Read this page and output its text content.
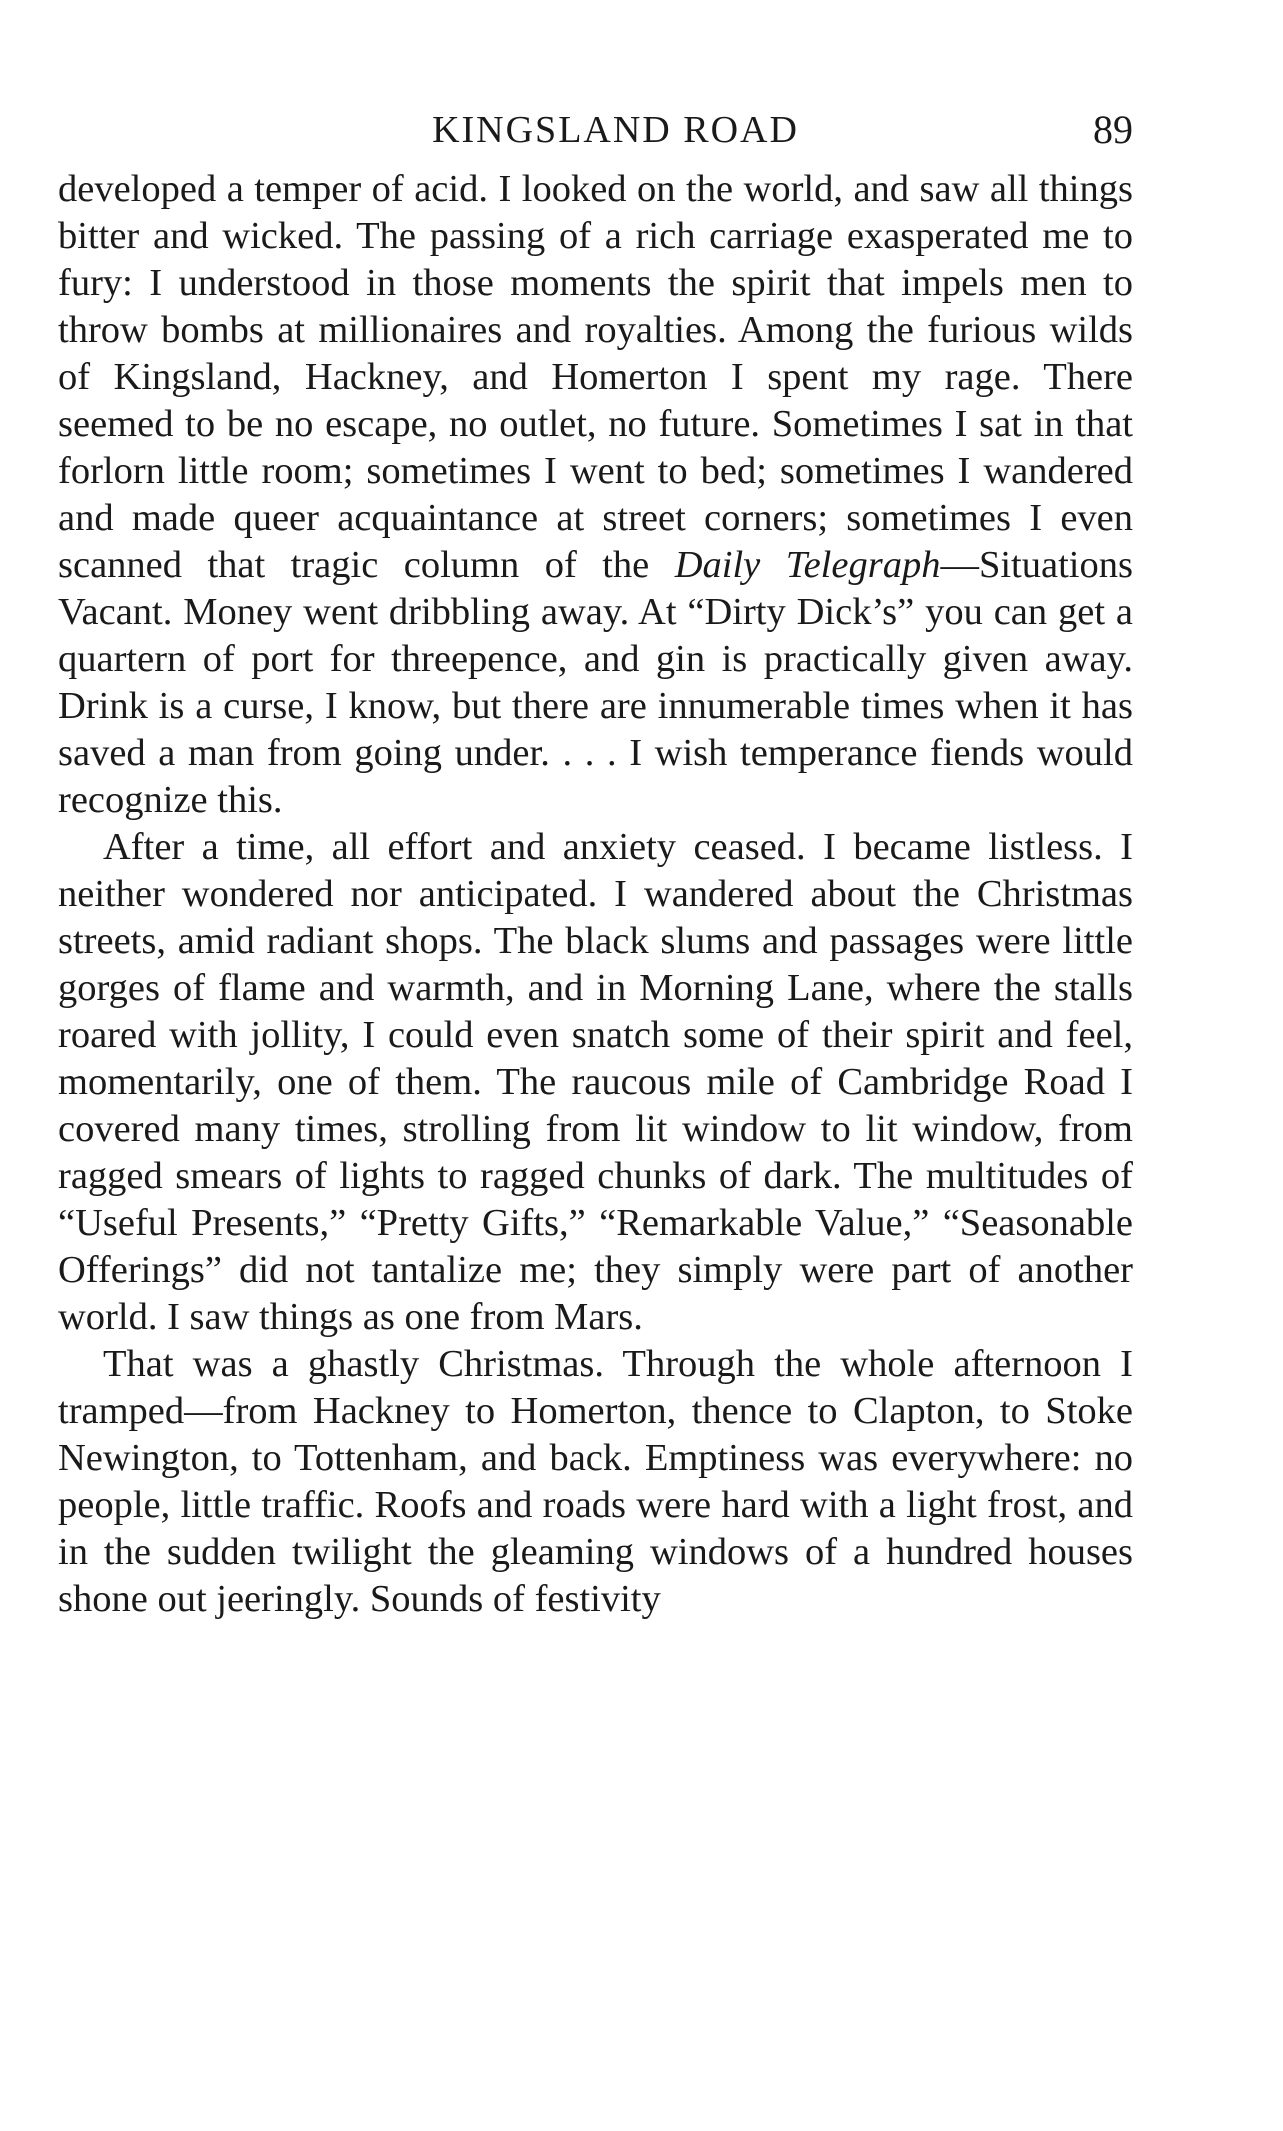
KINGSLAND ROAD	89

developed a temper of acid. I looked on the world, and saw all things bitter and wicked. The passing of a rich carriage exasperated me to fury: I understood in those moments the spirit that impels men to throw bombs at millionaires and royalties. Among the furious wilds of Kingsland, Hackney, and Homerton I spent my rage. There seemed to be no escape, no outlet, no future. Sometimes I sat in that forlorn little room; sometimes I went to bed; sometimes I wandered and made queer acquaintance at street corners; sometimes I even scanned that tragic column of the Daily Telegraph—Situations Vacant. Money went dribbling away. At “Dirty Dick’s” you can get a quartern of port for threepence, and gin is practically given away. Drink is a curse, I know, but there are innumerable times when it has saved a man from going under. . . . I wish temperance fiends would recognize this.

After a time, all effort and anxiety ceased. I became listless. I neither wondered nor anticipated. I wandered about the Christmas streets, amid radiant shops. The black slums and passages were little gorges of flame and warmth, and in Morning Lane, where the stalls roared with jollity, I could even snatch some of their spirit and feel, momentarily, one of them. The raucous mile of Cambridge Road I covered many times, strolling from lit window to lit window, from ragged smears of lights to ragged chunks of dark. The multitudes of “Useful Presents,” “Pretty Gifts,” “Remarkable Value,” “Seasonable Offerings” did not tantalize me; they simply were part of another world. I saw things as one from Mars.

That was a ghastly Christmas. Through the whole afternoon I tramped—from Hackney to Homerton, thence to Clapton, to Stoke Newington, to Tottenham, and back. Emptiness was everywhere: no people, little traffic. Roofs and roads were hard with a light frost, and in the sudden twilight the gleaming windows of a hundred houses shone out jeeringly. Sounds of festivity
